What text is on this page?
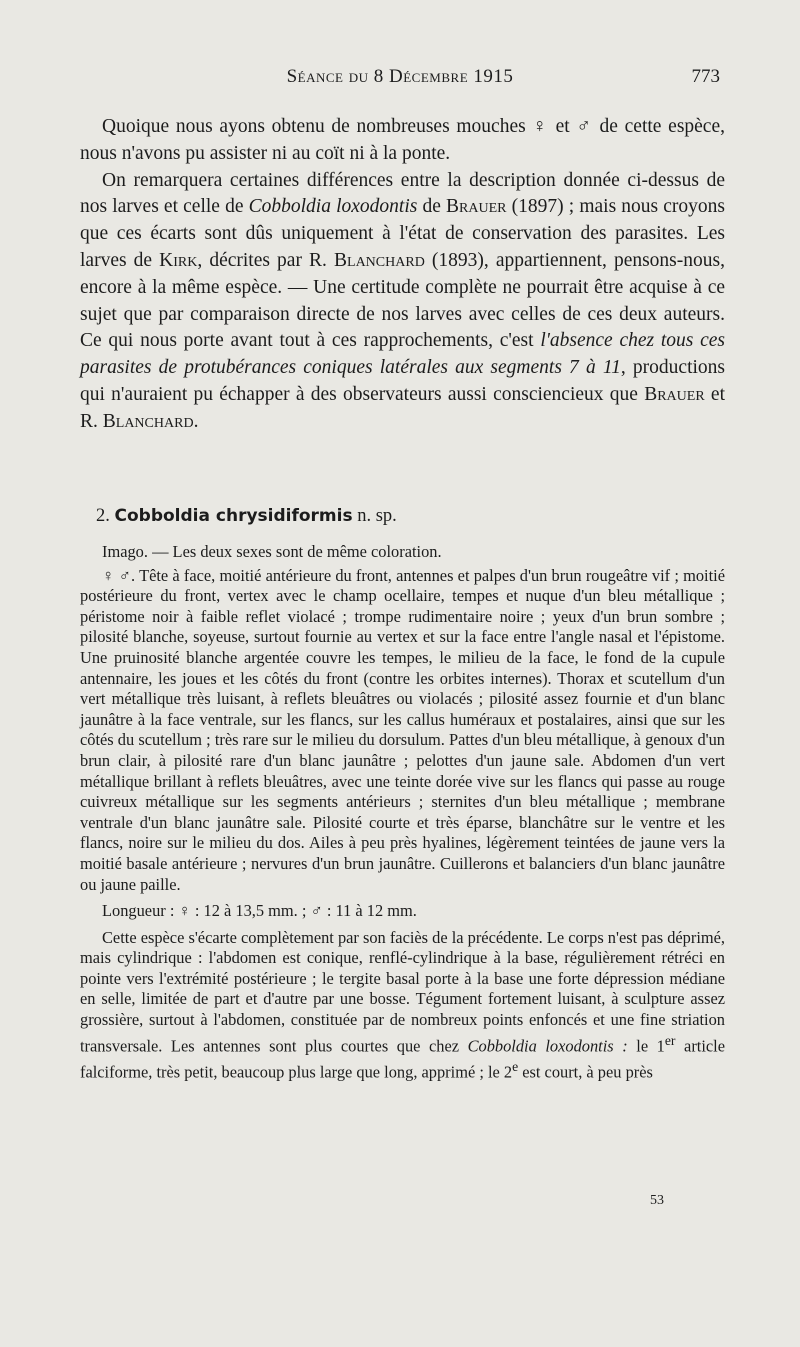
Séance du 8 Décembre 1915	773

Quoique nous ayons obtenu de nombreuses mouches ♀ et ♂ de cette espèce, nous n'avons pu assister ni au coït ni à la ponte.

On remarquera certaines différences entre la description donnée ci-dessus de nos larves et celle de Cobboldia loxodontis de Brauer (1897) ; mais nous croyons que ces écarts sont dûs uniquement à l'état de conservation des parasites. Les larves de Kirk, décrites par R. Blanchard (1893), appartiennent, pensons-nous, encore à la même espèce. — Une certitude complète ne pourrait être acquise à ce sujet que par comparaison directe de nos larves avec celles de ces deux auteurs. Ce qui nous porte avant tout à ces rapprochements, c'est l'absence chez tous ces parasites de protubérances coniques latérales aux segments 7 à 11, productions qui n'auraient pu échapper à des observateurs aussi consciencieux que Brauer et R. Blanchard.

2. Cobboldia chrysidiformis n. sp.

Imago. — Les deux sexes sont de même coloration.

♀ ♂. Tête à face, moitié antérieure du front, antennes et palpes d'un brun rougeâtre vif ; moitié postérieure du front, vertex avec le champ ocellaire, tempes et nuque d'un bleu métallique ; péristome noir à faible reflet violacé ; trompe rudimentaire noire ; yeux d'un brun sombre ; pilosité blanche, soyeuse, surtout fournie au vertex et sur la face entre l'angle nasal et l'épistome. Une pruinosité blanche argentée couvre les tempes, le milieu de la face, le fond de la cupule antennaire, les joues et les côtés du front (contre les orbites internes). Thorax et scutellum d'un vert métallique très luisant, à reflets bleuâtres ou violacés ; pilosité assez fournie et d'un blanc jaunâtre à la face ventrale, sur les flancs, sur les callus huméraux et postalaires, ainsi que sur les côtés du scutellum ; très rare sur le milieu du dorsulum. Pattes d'un bleu métallique, à genoux d'un brun clair, à pilosité rare d'un blanc jaunâtre ; pelottes d'un jaune sale. Abdomen d'un vert métallique brillant à reflets bleuâtres, avec une teinte dorée vive sur les flancs qui passe au rouge cuivreux métallique sur les segments antérieurs ; sternites d'un bleu métallique ; membrane ventrale d'un blanc jaunâtre sale. Pilosité courte et très éparse, blanchâtre sur le ventre et les flancs, noire sur le milieu du dos. Ailes à peu près hyalines, légèrement teintées de jaune vers la moitié basale antérieure ; nervures d'un brun jaunâtre. Cuillerons et balanciers d'un blanc jaunâtre ou jaune paille.

Longueur : ♀ : 12 à 13,5 mm. ; ♂ : 11 à 12 mm.

Cette espèce s'écarte complètement par son faciès de la précédente. Le corps n'est pas déprimé, mais cylindrique : l'abdomen est conique, renflé-cylindrique à la base, régulièrement rétréci en pointe vers l'extrémité postérieure ; le tergite basal porte à la base une forte dépression médiane en selle, limitée de part et d'autre par une bosse. Tégument fortement luisant, à sculpture assez grossière, surtout à l'abdomen, constituée par de nombreux points enfoncés et une fine striation transversale. Les antennes sont plus courtes que chez Cobboldia loxodontis : le 1er article falciforme, très petit, beaucoup plus large que long, apprimé ; le 2e est court, à peu près

53
